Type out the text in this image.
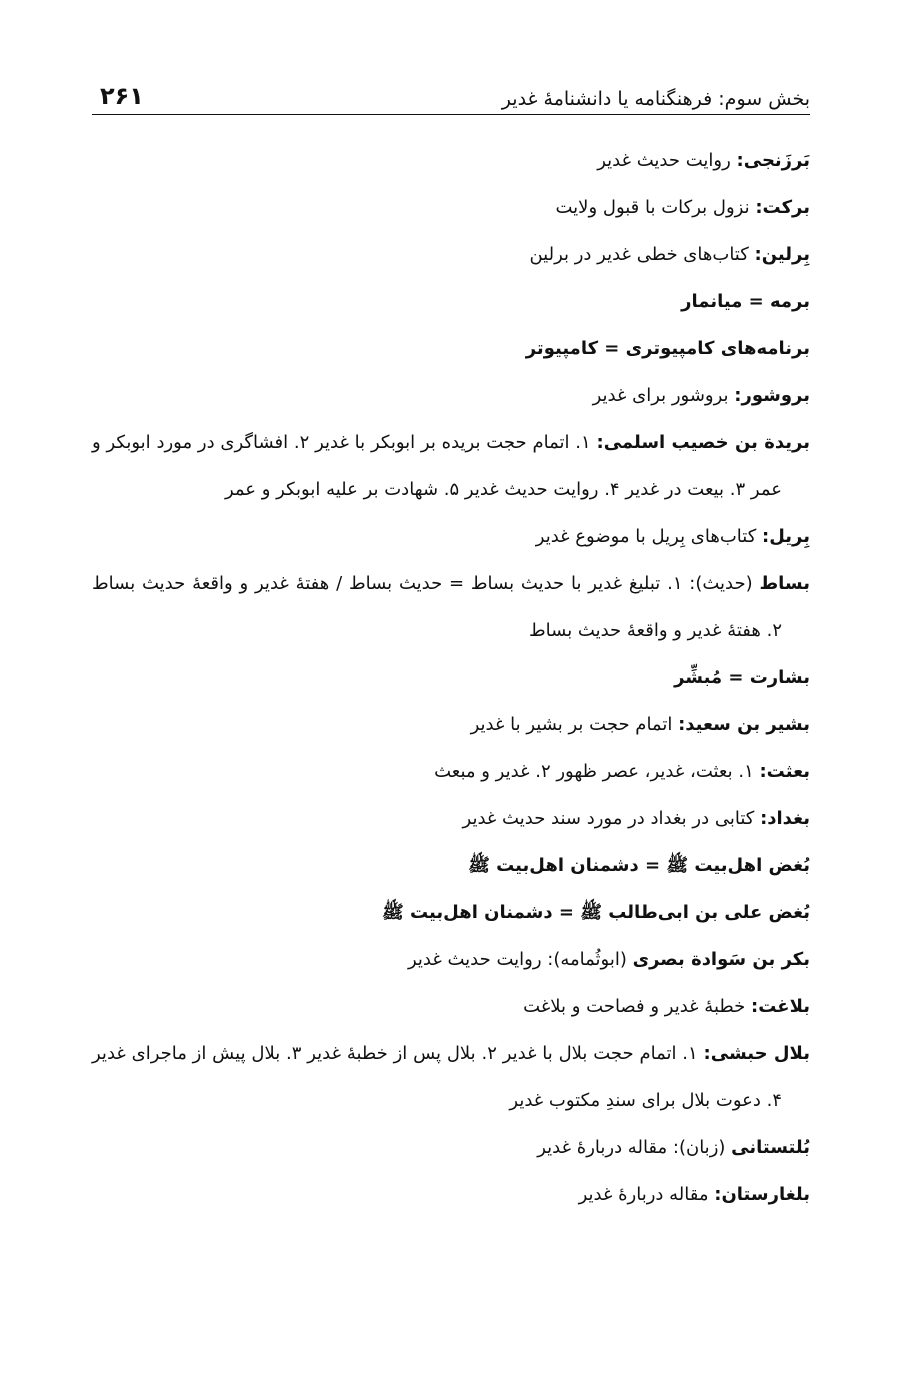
بخش سوم: فرهنگنامه یا دانشنامۀ غدیر
۲۶۱

بَرزَنجی: روایت حدیث غدیر

برکت: نزول برکات با قبول ولایت

بِرلین: کتاب‌های خطی غدیر در برلین

برمه = میانمار

برنامه‌های کامپیوتری = کامپیوتر

بروشور: بروشور برای غدیر

بریدة بن خصیب اسلمی: ۱. اتمام حجت بریده بر ابوبکر با غدیر ۲. افشاگری در مورد ابوبکر و عمر ۳. بیعت در غدیر ۴. روایت حدیث غدیر ۵. شهادت بر علیه ابوبکر و عمر

بِریل: کتاب‌های بِریل با موضوع غدیر

بساط (حدیث): ۱. تبلیغ غدیر با حدیث بساط = حدیث بساط / هفتۀ غدیر و واقعۀ حدیث بساط ۲. هفتۀ غدیر و واقعۀ حدیث بساط

بشارت = مُبشِّر

بشیر بن سعید: اتمام حجت بر بشیر با غدیر

بعثت: ۱. بعثت، غدیر، عصر ظهور ۲. غدیر و مبعث

بغداد: کتابی در بغداد در مورد سند حدیث غدیر

بُغض اهل‌بیت ﷺ = دشمنان اهل‌بیت ﷺ

بُغض علی بن ابی‌طالب ﷺ = دشمنان اهل‌بیت ﷺ

بکر بن سَوادة بصری (ابوثُمامه): روایت حدیث غدیر

بلاغت: خطبۀ غدیر و فصاحت و بلاغت

بلال حبشی: ۱. اتمام حجت بلال با غدیر ۲. بلال پس از خطبۀ غدیر ۳. بلال پیش از ماجرای غدیر ۴. دعوت بلال برای سندِ مکتوب غدیر

بُلتستانی (زبان): مقاله دربارۀ غدیر

بلغارستان: مقاله دربارۀ غدیر
